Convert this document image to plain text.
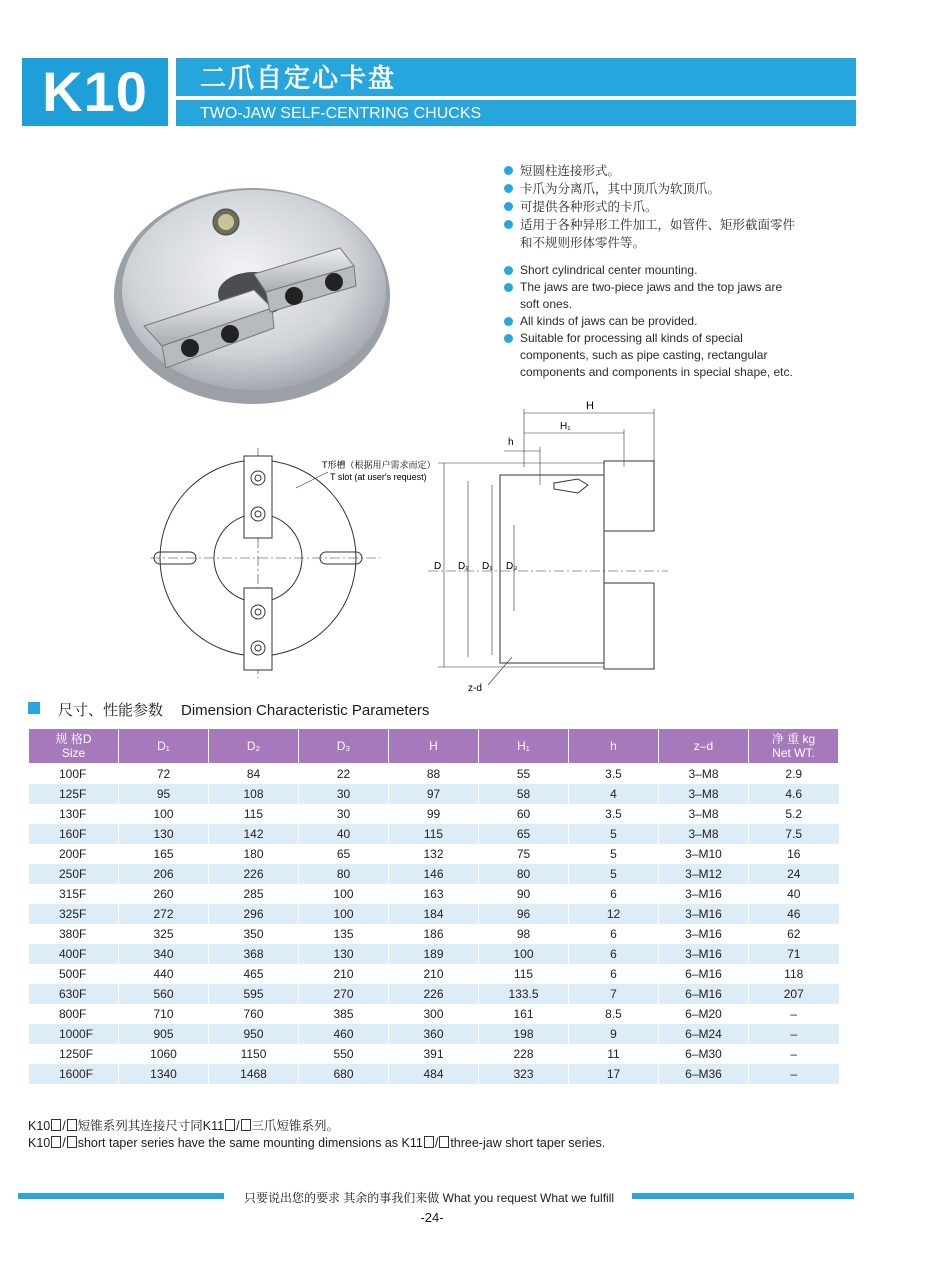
K10	二爪自定心卡盘
TWO-JAW SELF-CENTRING CHUCKS
短圆柱连接形式。
卡爪为分离爪，其中顶爪为软顶爪。
可提供各种形式的卡爪。
适用于各种异形工件加工，如管件、矩形截面零件和不规则形体零件等。
Short cylindrical center mounting.
The jaws are two-piece jaws and the top jaws are soft ones.
All kinds of jaws can be provided.
Suitable for processing all kinds of special components, such as pipe casting, rectangular components and components in special shape, etc.
T形槽（根据用户需求而定）
T slot (at user's request)
H
H₁
h
D D₂ D₁ D₃
z-d
尺寸、性能参数 Dimension Characteristic Parameters
规 格D
Size	D₁	D₂	D₃	H	H₁	h	z–d	净 重 kg
Net WT.
100F	72	84	22	88	55	3.5	3–M8	2.9
125F	95	108	30	97	58	4	3–M8	4.6
130F	100	115	30	99	60	3.5	3–M8	5.2
160F	130	142	40	115	65	5	3–M8	7.5
200F	165	180	65	132	75	5	3–M10	16
250F	206	226	80	146	80	5	3–M12	24
315F	260	285	100	163	90	6	3–M16	40
325F	272	296	100	184	96	12	3–M16	46
380F	325	350	135	186	98	6	3–M16	62
400F	340	368	130	189	100	6	3–M16	71
500F	440	465	210	210	115	6	6–M16	118
630F	560	595	270	226	133.5	7	6–M16	207
800F	710	760	385	300	161	8.5	6–M20	–
1000F	905	950	460	360	198	9	6–M24	–
1250F	1060	1150	550	391	228	11	6–M30	–
1600F	1340	1468	680	484	323	17	6–M36	–
K10 / 短锥系列其连接尺寸同K11 / 三爪短锥系列。
K10 / short taper series have the same mounting dimensions as K11 / three-jaw short taper series.
只要说出您的要求 其余的事我们来做 What you request What we fulfill
-24-
